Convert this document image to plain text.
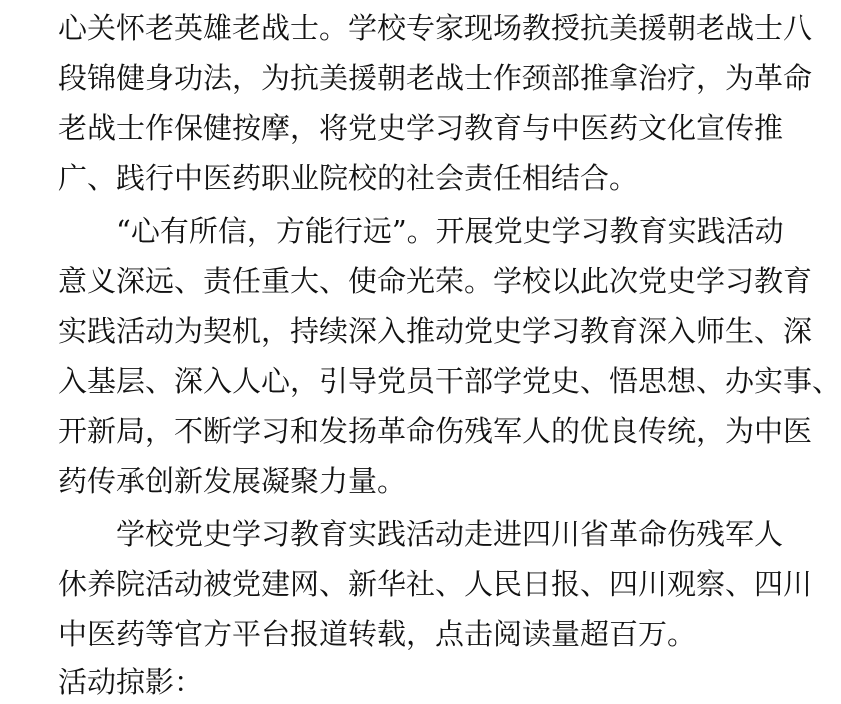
心关怀老英雄老战士。学校专家现场教授抗美援朝老战士八
段锦健身功法，为抗美援朝老战士作颈部推拿治疗，为革命
老战士作保健按摩，将党史学习教育与中医药文化宣传推
广、践行中医药职业院校的社会责任相结合。
“心有所信，方能行远”。开展党史学习教育实践活动
意义深远、责任重大、使命光荣。学校以此次党史学习教育
实践活动为契机，持续深入推动党史学习教育深入师生、深
入基层、深入人心，引导党员干部学党史、悟思想、办实事、
开新局，不断学习和发扬革命伤残军人的优良传统，为中医
药传承创新发展凝聚力量。
学校党史学习教育实践活动走进四川省革命伤残军人
休养院活动被党建网、新华社、人民日报、四川观察、四川
中医药等官方平台报道转载，点击阅读量超百万。
活动掠影：
